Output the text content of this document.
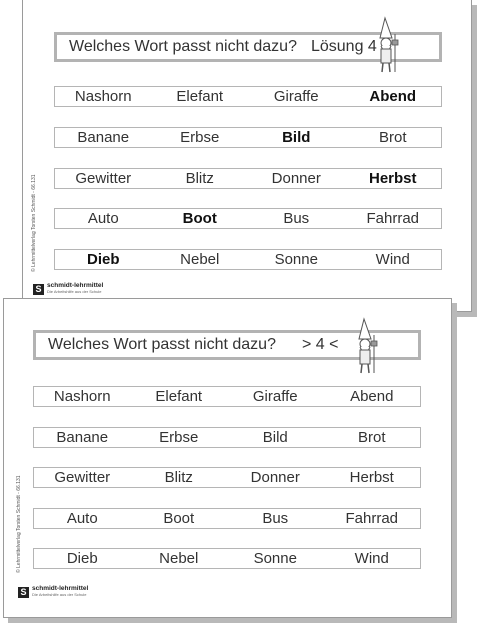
Welches Wort passt nicht dazu? Lösung 4
Nashorn	Elefant	Giraffe	Abend
Banane	Erbse	Bild	Brot
Gewitter	Blitz	Donner	Herbst
Auto	Boot	Bus	Fahrrad
Dieb	Nebel	Sonne	Wind
© Lehrmittelverlag Torsten Schmidt - 66.131
S schmidt-lehrmittel
Die Arbeitshilfe aus der Schule
Welches Wort passt nicht dazu? > 4 <
Nashorn	Elefant	Giraffe	Abend
Banane	Erbse	Bild	Brot
Gewitter	Blitz	Donner	Herbst
Auto	Boot	Bus	Fahrrad
Dieb	Nebel	Sonne	Wind
© Lehrmittelverlag Torsten Schmidt - 66.131
S schmidt-lehrmittel
Die Arbeitshilfe aus der Schule
